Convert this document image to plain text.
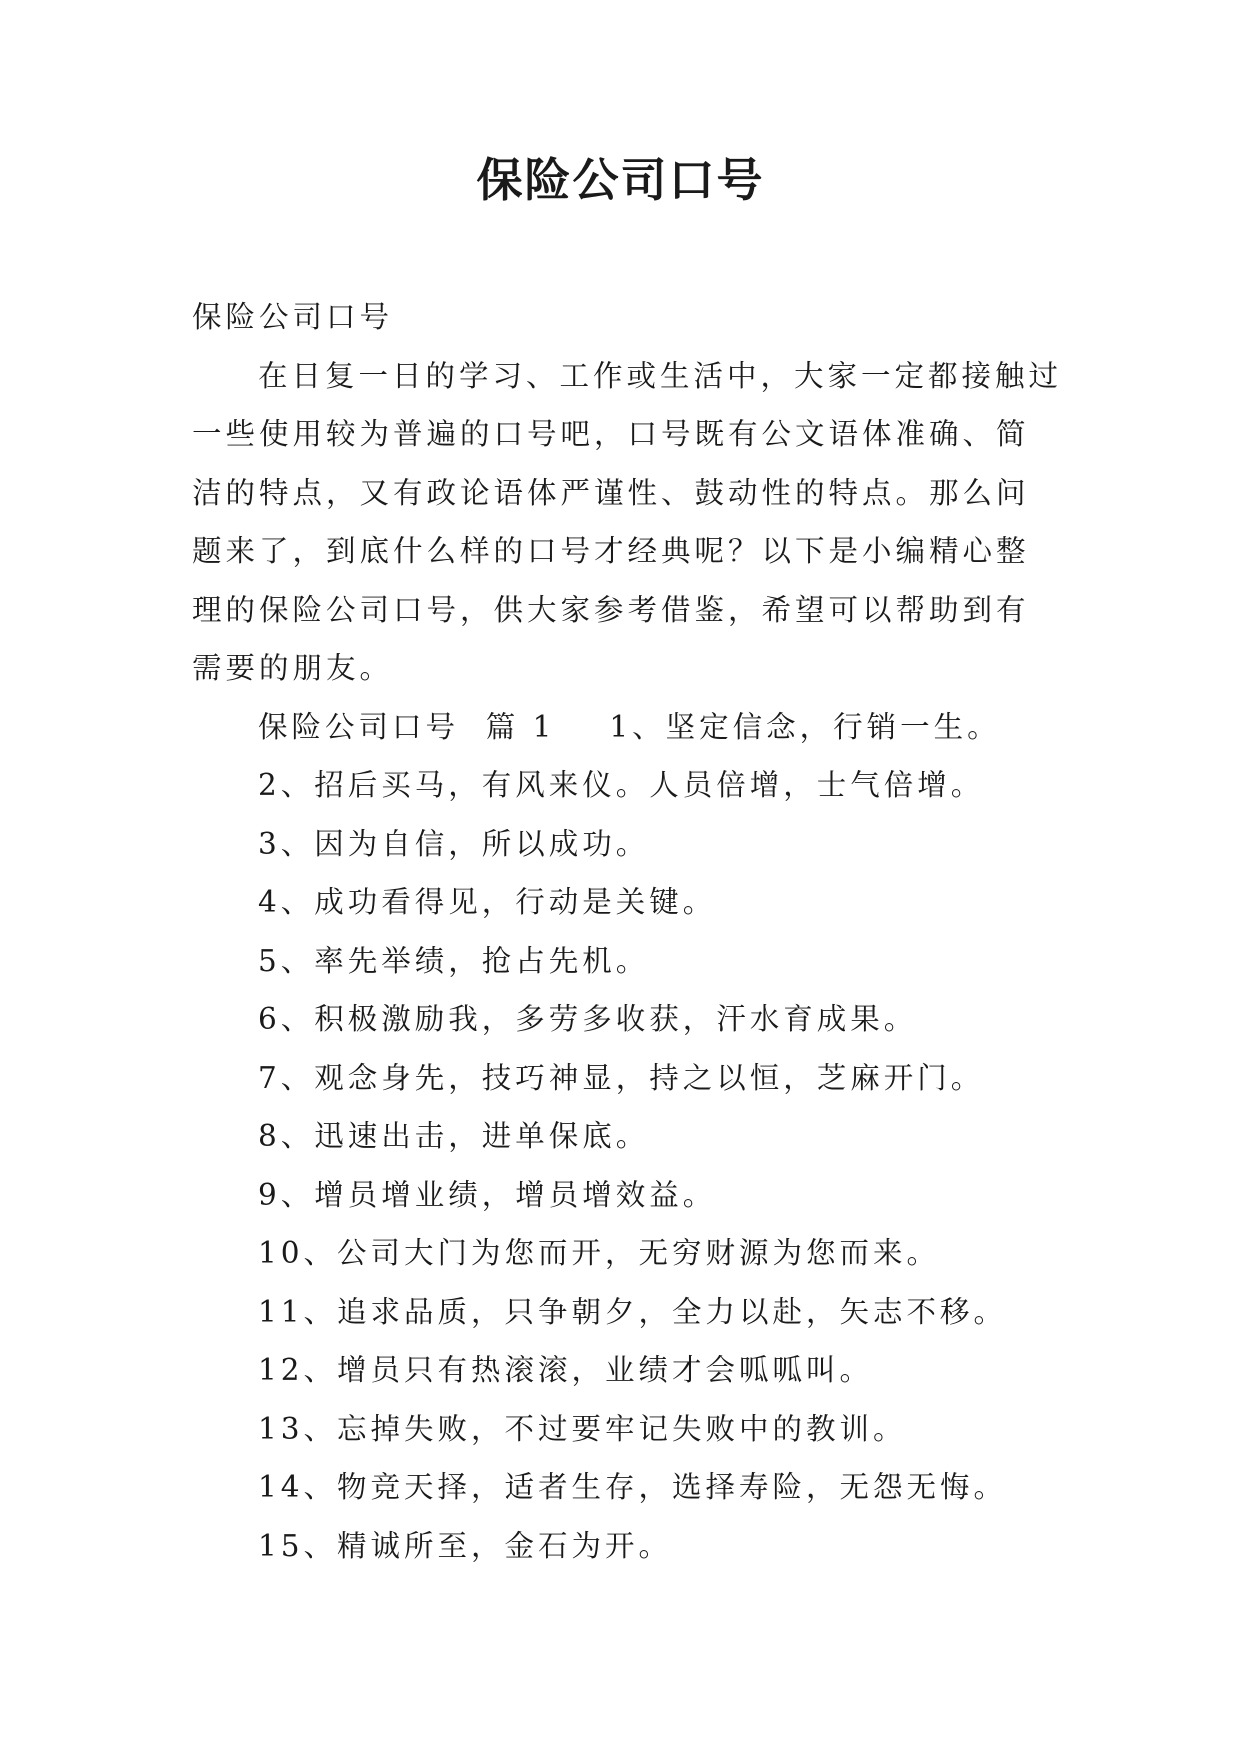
保险公司口号

保险公司口号

在日复一日的学习、工作或生活中，大家一定都接触过一些使用较为普遍的口号吧，口号既有公文语体准确、简洁的特点，又有政论语体严谨性、鼓动性的特点。那么问题来了，到底什么样的口号才经典呢？以下是小编精心整理的保险公司口号，供大家参考借鉴，希望可以帮助到有需要的朋友。

保险公司口号  篇 1 1、坚定信念，行销一生。
2、招后买马，有风来仪。人员倍增，士气倍增。
3、因为自信，所以成功。
4、成功看得见，行动是关键。
5、率先举绩，抢占先机。
6、积极激励我，多劳多收获，汗水育成果。
7、观念身先，技巧神显，持之以恒，芝麻开门。
8、迅速出击，进单保底。
9、增员增业绩，增员增效益。
10、公司大门为您而开，无穷财源为您而来。
11、追求品质，只争朝夕，全力以赴，矢志不移。
12、增员只有热滚滚，业绩才会呱呱叫。
13、忘掉失败，不过要牢记失败中的教训。
14、物竞天择，适者生存，选择寿险，无怨无悔。
15、精诚所至，金石为开。
